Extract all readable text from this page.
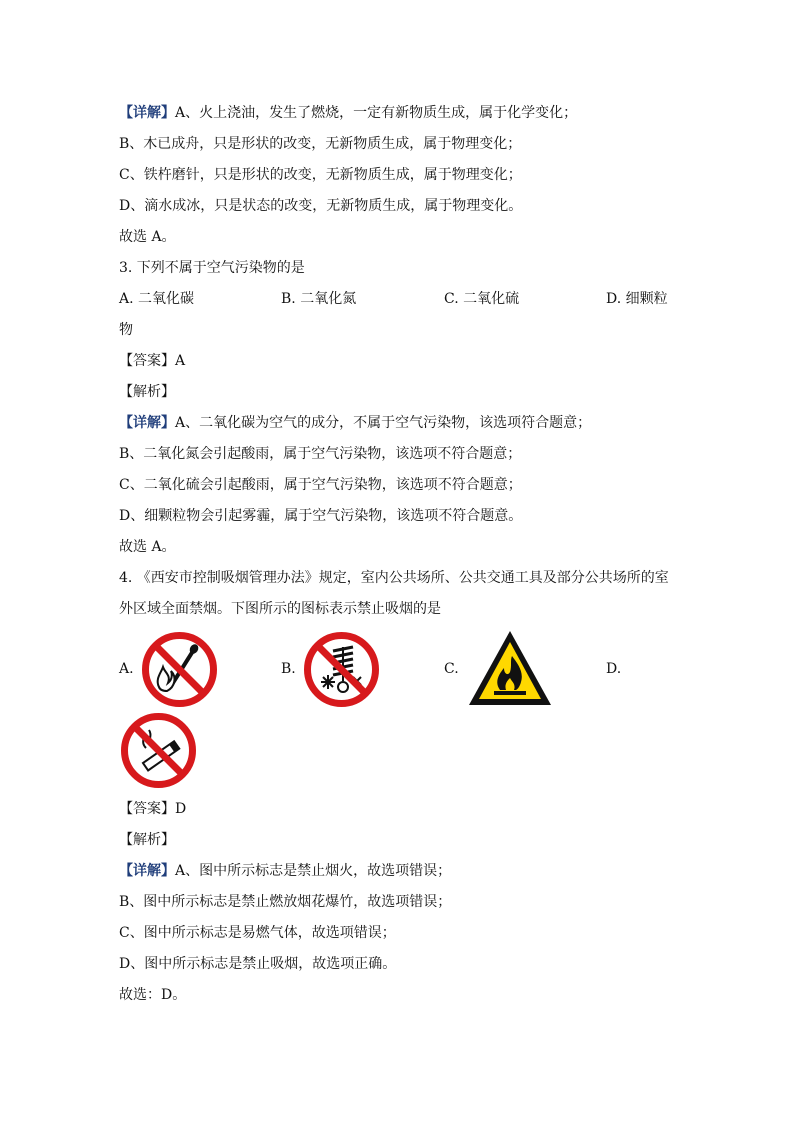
【详解】A、火上浇油，发生了燃烧，一定有新物质生成，属于化学变化；
B、木已成舟，只是形状的改变，无新物质生成，属于物理变化；
C、铁杵磨针，只是形状的改变，无新物质生成，属于物理变化；
D、滴水成冰，只是状态的改变，无新物质生成，属于物理变化。
故选 A。
3. 下列不属于空气污染物的是
A. 二氧化碳	B. 二氧化氮	C. 二氧化硫	D. 细颗粒
物
【答案】A
【解析】
【详解】A、二氧化碳为空气的成分，不属于空气污染物，该选项符合题意；
B、二氧化氮会引起酸雨，属于空气污染物，该选项不符合题意；
C、二氧化硫会引起酸雨，属于空气污染物，该选项不符合题意；
D、细颗粒物会引起雾霾，属于空气污染物，该选项不符合题意。
故选 A。
4. 《西安市控制吸烟管理办法》规定，室内公共场所、公共交通工具及部分公共场所的室
外区域全面禁烟。下图所示的图标表示禁止吸烟的是
A.	B.	C.	D.
【答案】D
【解析】
【详解】A、图中所示标志是禁止烟火，故选项错误；
B、图中所示标志是禁止燃放烟花爆竹，故选项错误；
C、图中所示标志是易燃气体，故选项错误；
D、图中所示标志是禁止吸烟，故选项正确。
故选：D。
